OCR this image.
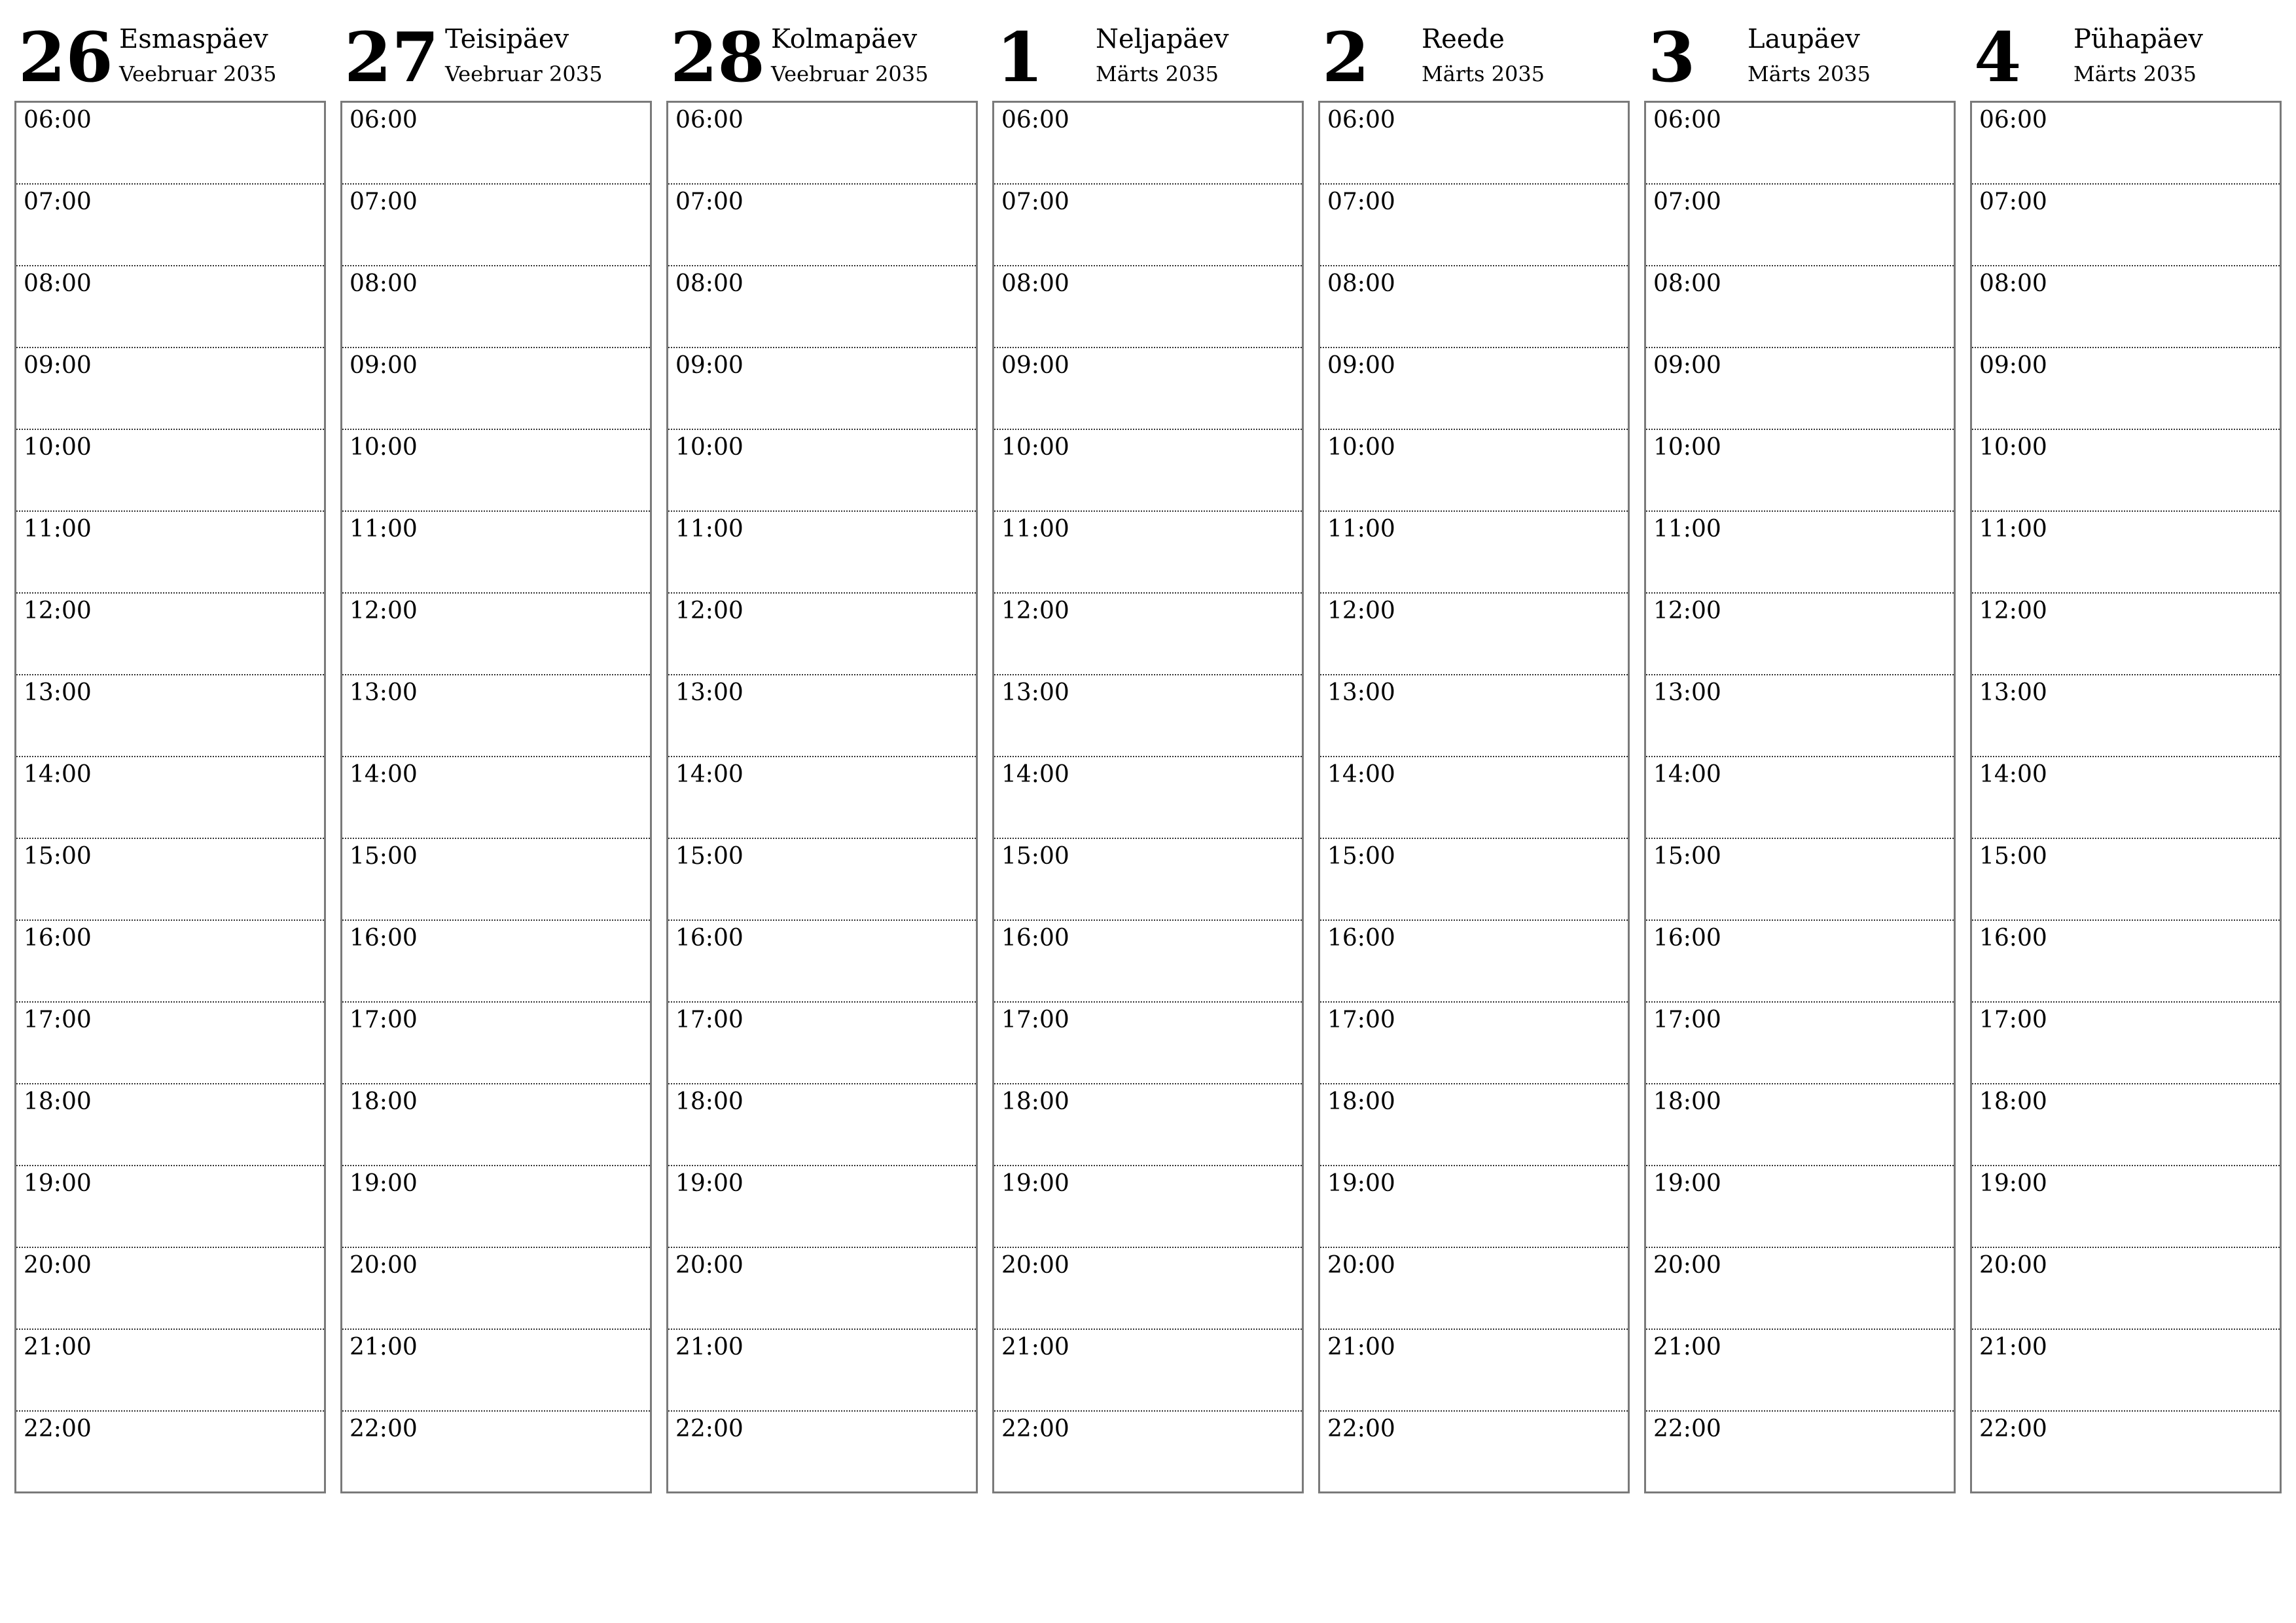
26 Esmaspäev
Veebruar 2035
06:00
07:00
08:00
09:00
10:00
11:00
12:00
13:00
14:00
15:00
16:00
17:00
18:00
19:00
20:00
21:00
22:00
27 Teisipäev
Veebruar 2035
06:00
07:00
08:00
09:00
10:00
11:00
12:00
13:00
14:00
15:00
16:00
17:00
18:00
19:00
20:00
21:00
22:00
28 Kolmapäev
Veebruar 2035
06:00
07:00
08:00
09:00
10:00
11:00
12:00
13:00
14:00
15:00
16:00
17:00
18:00
19:00
20:00
21:00
22:00
1 Neljapäev
Märts 2035
06:00
07:00
08:00
09:00
10:00
11:00
12:00
13:00
14:00
15:00
16:00
17:00
18:00
19:00
20:00
21:00
22:00
2 Reede
Märts 2035
06:00
07:00
08:00
09:00
10:00
11:00
12:00
13:00
14:00
15:00
16:00
17:00
18:00
19:00
20:00
21:00
22:00
3 Laupäev
Märts 2035
06:00
07:00
08:00
09:00
10:00
11:00
12:00
13:00
14:00
15:00
16:00
17:00
18:00
19:00
20:00
21:00
22:00
4 Pühapäev
Märts 2035
06:00
07:00
08:00
09:00
10:00
11:00
12:00
13:00
14:00
15:00
16:00
17:00
18:00
19:00
20:00
21:00
22:00
